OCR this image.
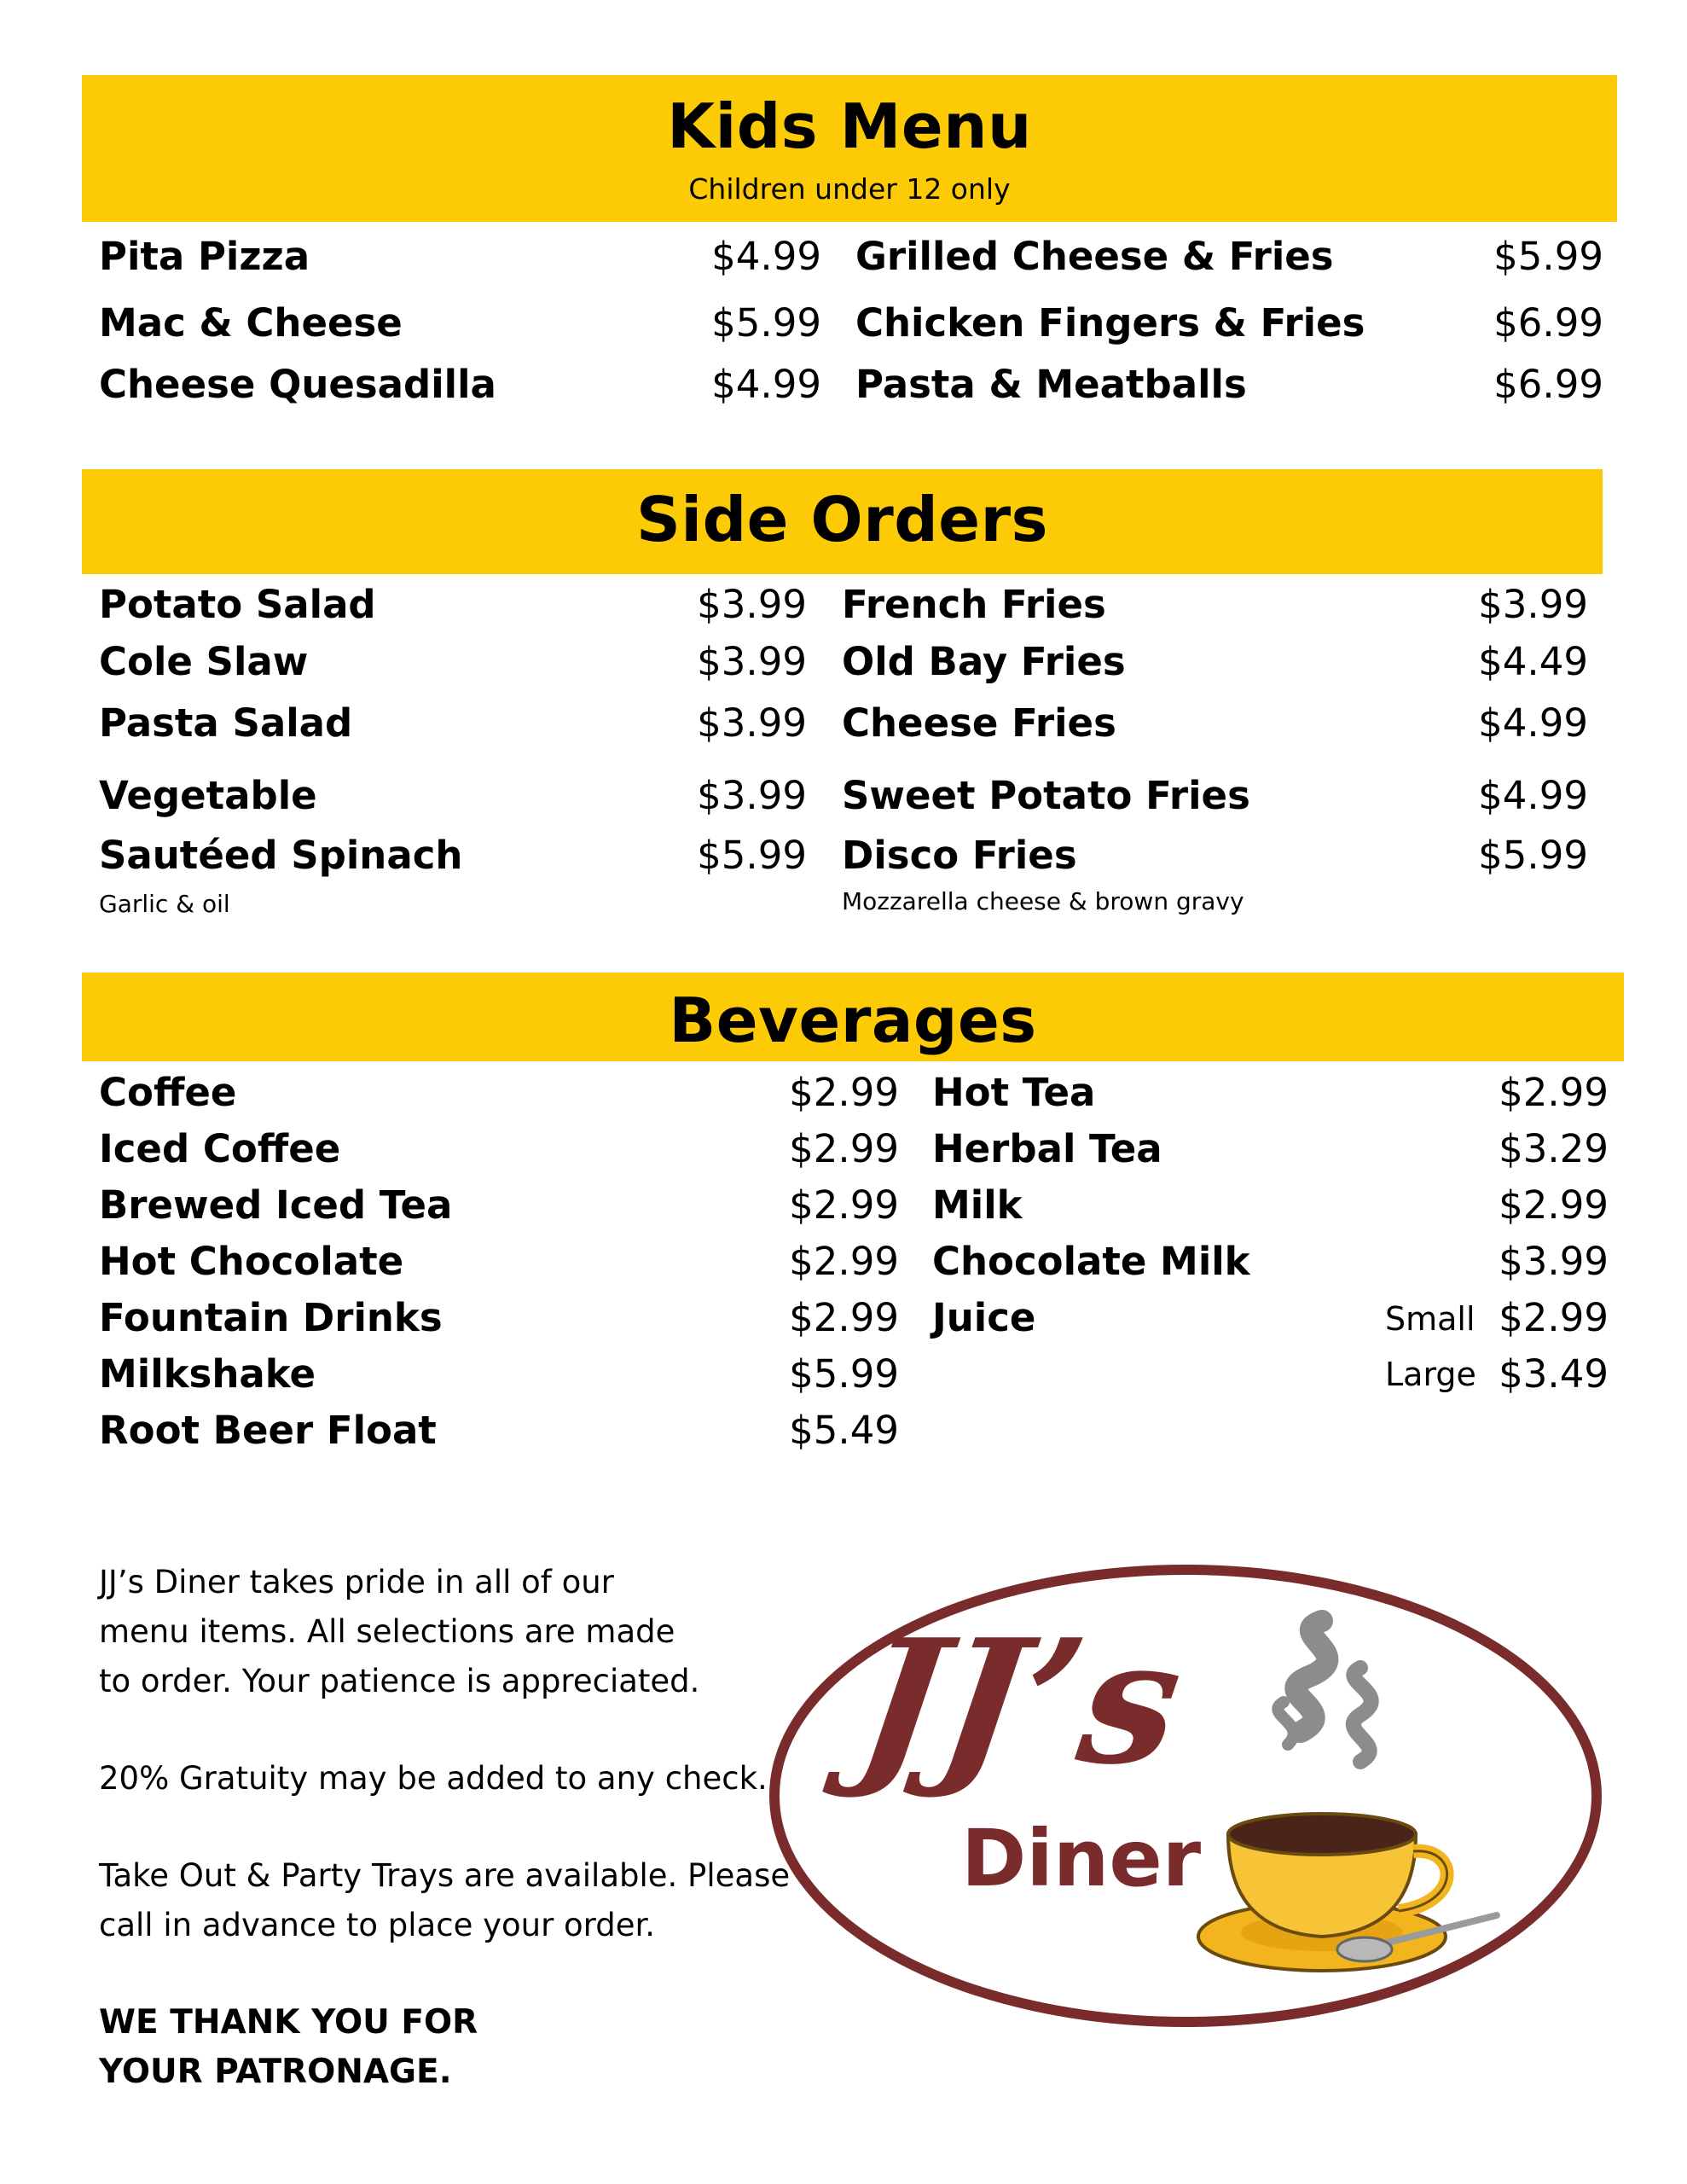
Kids Menu
Children under 12 only
Pita Pizza	$4.99
Mac & Cheese	$5.99
Cheese Quesadilla	$4.99
Grilled Cheese & Fries	$5.99
Chicken Fingers & Fries	$6.99
Pasta & Meatballs	$6.99
Side Orders
Potato Salad	$3.99
Cole Slaw	$3.99
Pasta Salad	$3.99
Vegetable	$3.99
Sautéed Spinach	$5.99
Garlic & oil
French Fries	$3.99
Old Bay Fries	$4.49
Cheese Fries	$4.99
Sweet Potato Fries	$4.99
Disco Fries	$5.99
Mozzarella cheese & brown gravy
Beverages
Coffee	$2.99
Iced Coffee	$2.99
Brewed Iced Tea	$2.99
Hot Chocolate	$2.99
Fountain Drinks	$2.99
Milkshake	$5.99
Root Beer Float	$5.49
Hot Tea	$2.99
Herbal Tea	$3.29
Milk	$2.99
Chocolate Milk	$3.99
Juice	Small $2.99
Large $3.49

JJ’s Diner takes pride in all of our

menu items. All selections are made

to order. Your patience is appreciated.

20% Gratuity may be added to any check.

Take Out & Party Trays are available. Please

call in advance to place your order.

WE THANK YOU FOR

YOUR PATRONAGE.

JJ’s
Diner
